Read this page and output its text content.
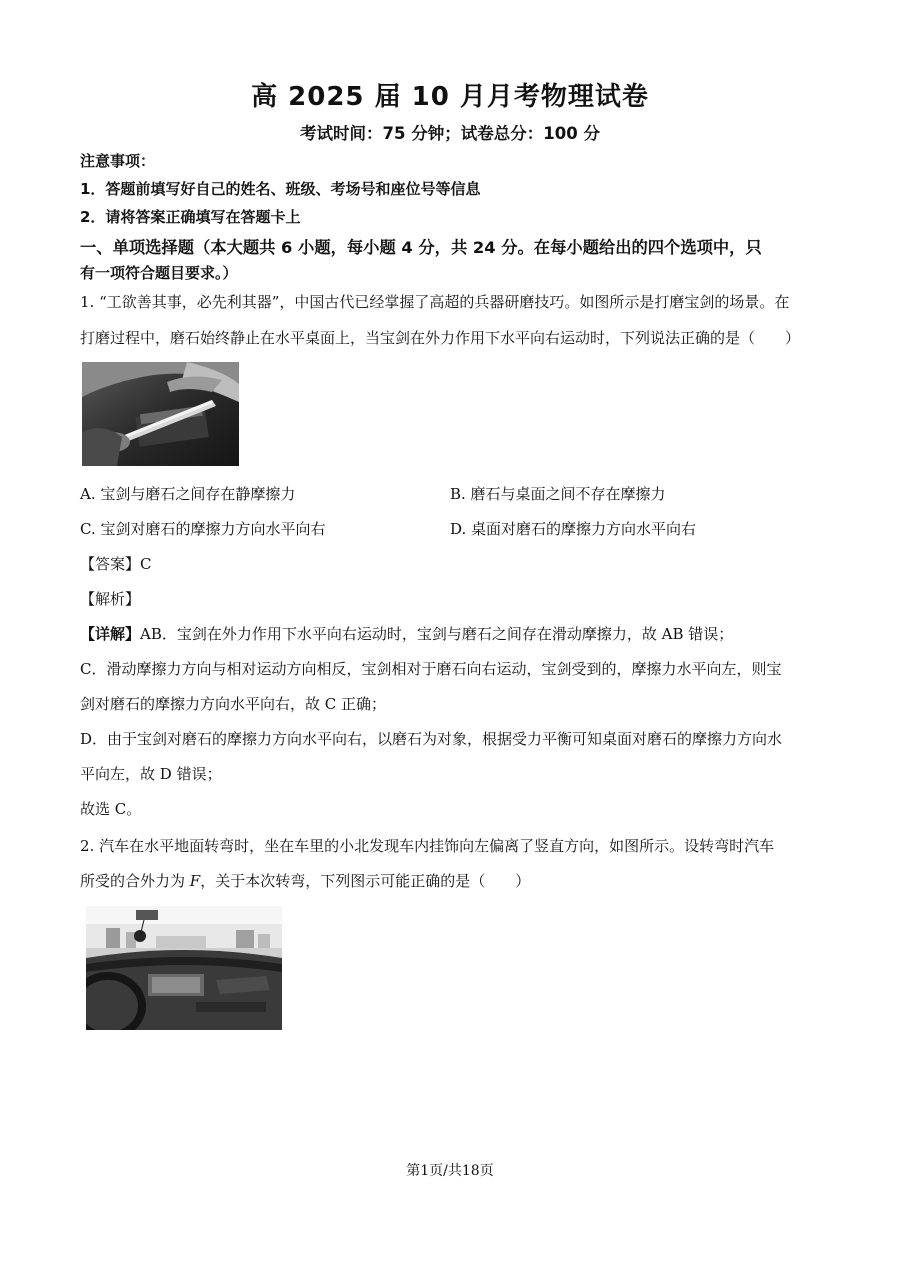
高 2025 届 10 月月考物理试卷
考试时间：75 分钟；试卷总分：100 分
注意事项：
1．答题前填写好自己的姓名、班级、考场号和座位号等信息
2．请将答案正确填写在答题卡上
一、单项选择题（本大题共 6 小题，每小题 4 分，共 24 分。在每小题给出的四个选项中，只
有一项符合题目要求。）
1. “工欲善其事，必先利其器”，中国古代已经掌握了高超的兵器研磨技巧。如图所示是打磨宝剑的场景。在
打磨过程中，磨石始终静止在水平桌面上，当宝剑在外力作用下水平向右运动时，下列说法正确的是（　　）
A. 宝剑与磨石之间存在静摩擦力	B. 磨石与桌面之间不存在摩擦力
C. 宝剑对磨石的摩擦力方向水平向右	D. 桌面对磨石的摩擦力方向水平向右
【答案】C
【解析】
【详解】AB．宝剑在外力作用下水平向右运动时，宝剑与磨石之间存在滑动摩擦力，故 AB 错误；
C．滑动摩擦力方向与相对运动方向相反，宝剑相对于磨石向右运动，宝剑受到的，摩擦力水平向左，则宝
剑对磨石的摩擦力方向水平向右，故 C 正确；
D．由于宝剑对磨石的摩擦力方向水平向右，以磨石为对象，根据受力平衡可知桌面对磨石的摩擦力方向水
平向左，故 D 错误；
故选 C。
2. 汽车在水平地面转弯时，坐在车里的小北发现车内挂饰向左偏离了竖直方向，如图所示。设转弯时汽车
所受的合外力为 F，关于本次转弯，下列图示可能正确的是（　　）
第1页/共18页
